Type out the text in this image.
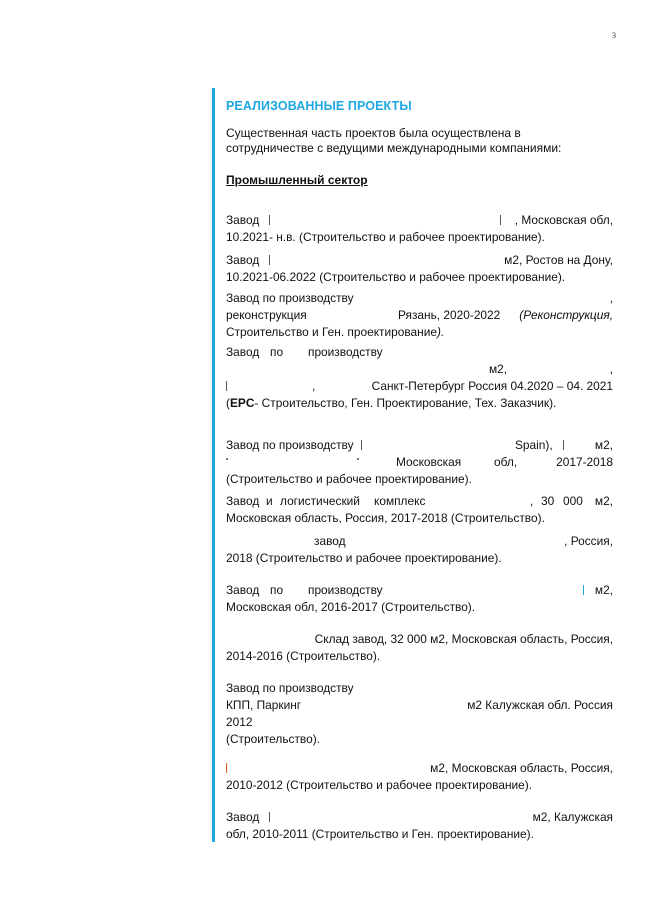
3
РЕАЛИЗОВАННЫЕ ПРОЕКТЫ

Существенная часть проектов была осуществлена в
сотрудничестве с ведущими международными компаниями:

Промышленный сектор
Завод	, Московская обл,
10.2021- н.в. (Строительство и рабочее проектирование).
Завод	м2, Ростов на Дону,
10.2021-06.2022 (Строительство и рабочее проектирование).
Завод по производству	,
реконструкция	Рязань, 2020-2022 (Реконструкция,
Строительство и Ген. проектирование).
Завод по производству
м2,	,
,	Санкт-Петербург Россия 04.2020 – 04. 2021
(EPC- Строительство, Ген. Проектирование, Тех. Заказчик).
Завод по производству	Spain),	м2,
Московская	обл,	2017-2018
(Строительство и рабочее проектирование).
Завод и логистический комплекс	, 30 000 м2,
Московская область, Россия, 2017-2018 (Строительство).
завод	, Россия,
2018 (Строительство и рабочее проектирование).
Завод по производству	м2,
Московская обл, 2016-2017 (Строительство).
Склад завод, 32 000 м2, Московская область, Россия,
2014-2016 (Строительство).
Завод по производству
КПП, Паркинг	м2 Калужская обл. Россия
2012
(Строительство).
м2, Московская область, Россия,
2010-2012 (Строительство и рабочее проектирование).
Завод	м2, Калужская
обл, 2010-2011 (Строительство и Ген. проектирование).
